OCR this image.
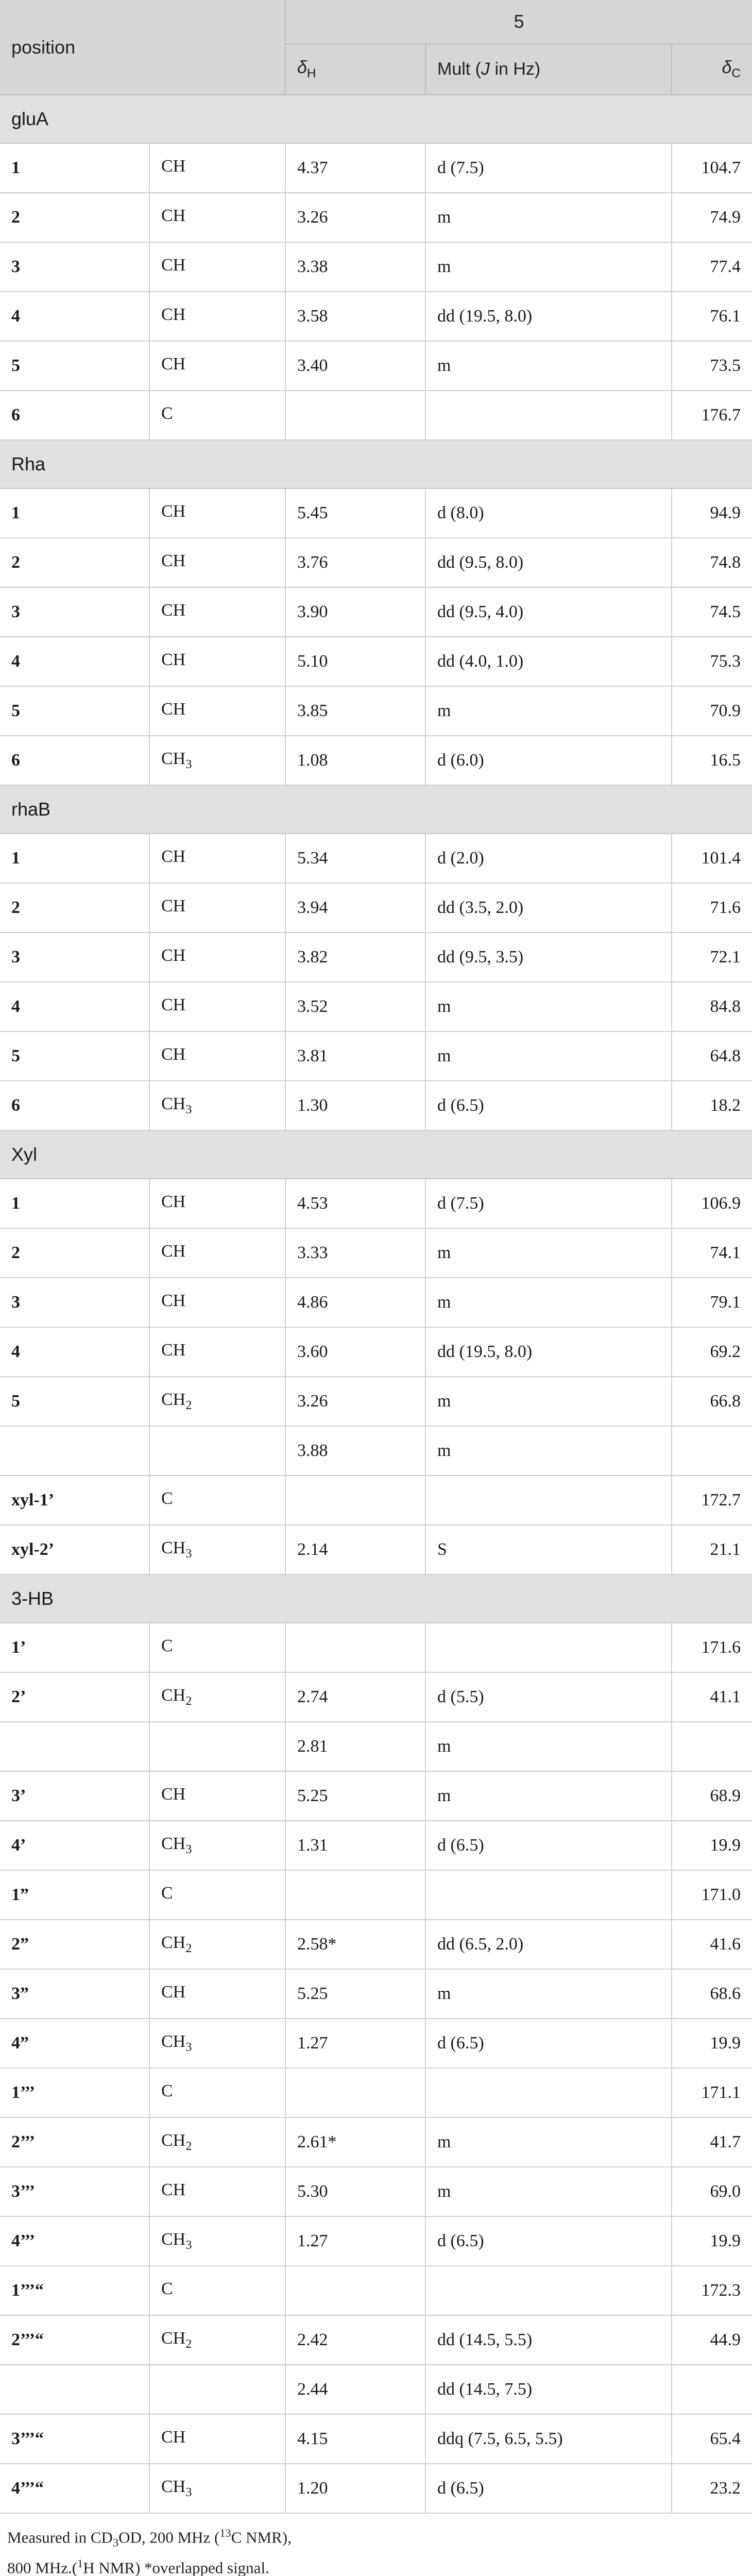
position		5		
		$\delta_H$	Mult (J in Hz)	$\delta_C$
gluA				
1	CH	4.37	d (7.5)	104.7
2	CH	3.26	m	74.9
3	CH	3.38	m	77.4
4	CH	3.58	dd (19.5, 8.0)	76.1
5	CH	3.40	m	73.5
6	C			176.7
Rha				
1	CH	5.45	d (8.0)	94.9
2	CH	3.76	dd (9.5, 8.0)	74.8
3	CH	3.90	dd (9.5, 4.0)	74.5
4	CH	5.10	dd (4.0, 1.0)	75.3
5	CH	3.85	m	70.9
6	$CH_3$	1.08	d (6.0)	16.5
rhaB				
1	CH	5.34	d (2.0)	101.4
2	CH	3.94	dd (3.5, 2.0)	71.6
3	CH	3.82	dd (9.5, 3.5)	72.1
4	CH	3.52	m	84.8
5	CH	3.81	m	64.8
6	$CH_3$	1.30	d (6.5)	18.2
Xyl				
1	CH	4.53	d (7.5)	106.9
2	CH	3.33	m	74.1
3	CH	4.86	m	79.1
4	CH	3.60	dd (19.5, 8.0)	69.2
5	$CH_2$	3.26	m	66.8
		3.88	m	
xyl-1’	C			172.7
xyl-2’	$CH_3$	2.14	S	21.1
3-HB				
1’	C			171.6
2’	$CH_2$	2.74	d (5.5)	41.1
		2.81	m	
3’	CH	5.25	m	68.9
4’	$CH_3$	1.31	d (6.5)	19.9
1”	C			171.0
2”	$CH_2$	2.58*	dd (6.5, 2.0)	41.6
3”	CH	5.25	m	68.6
4”	$CH_3$	1.27	d (6.5)	19.9
1’’’	C			171.1
2’’’	$CH_2$	2.61*	m	41.7
3’’’	CH	5.30	m	69.0
4’’’	$CH_3$	1.27	d (6.5)	19.9
1’’’“	C			172.3
2’’’“	$CH_2$	2.42	dd (14.5, 5.5)	44.9
		2.44	dd (14.5, 7.5)	
3’’’“	CH	4.15	ddq (7.5, 6.5, 5.5)	65.4
4’’’“	$CH_3$	1.20	d (6.5)	23.2
Measured in $CD_3OD$, 200 MHz ($^{13}$C NMR),
800 MHz.($^1$H NMR) *overlapped signal.
